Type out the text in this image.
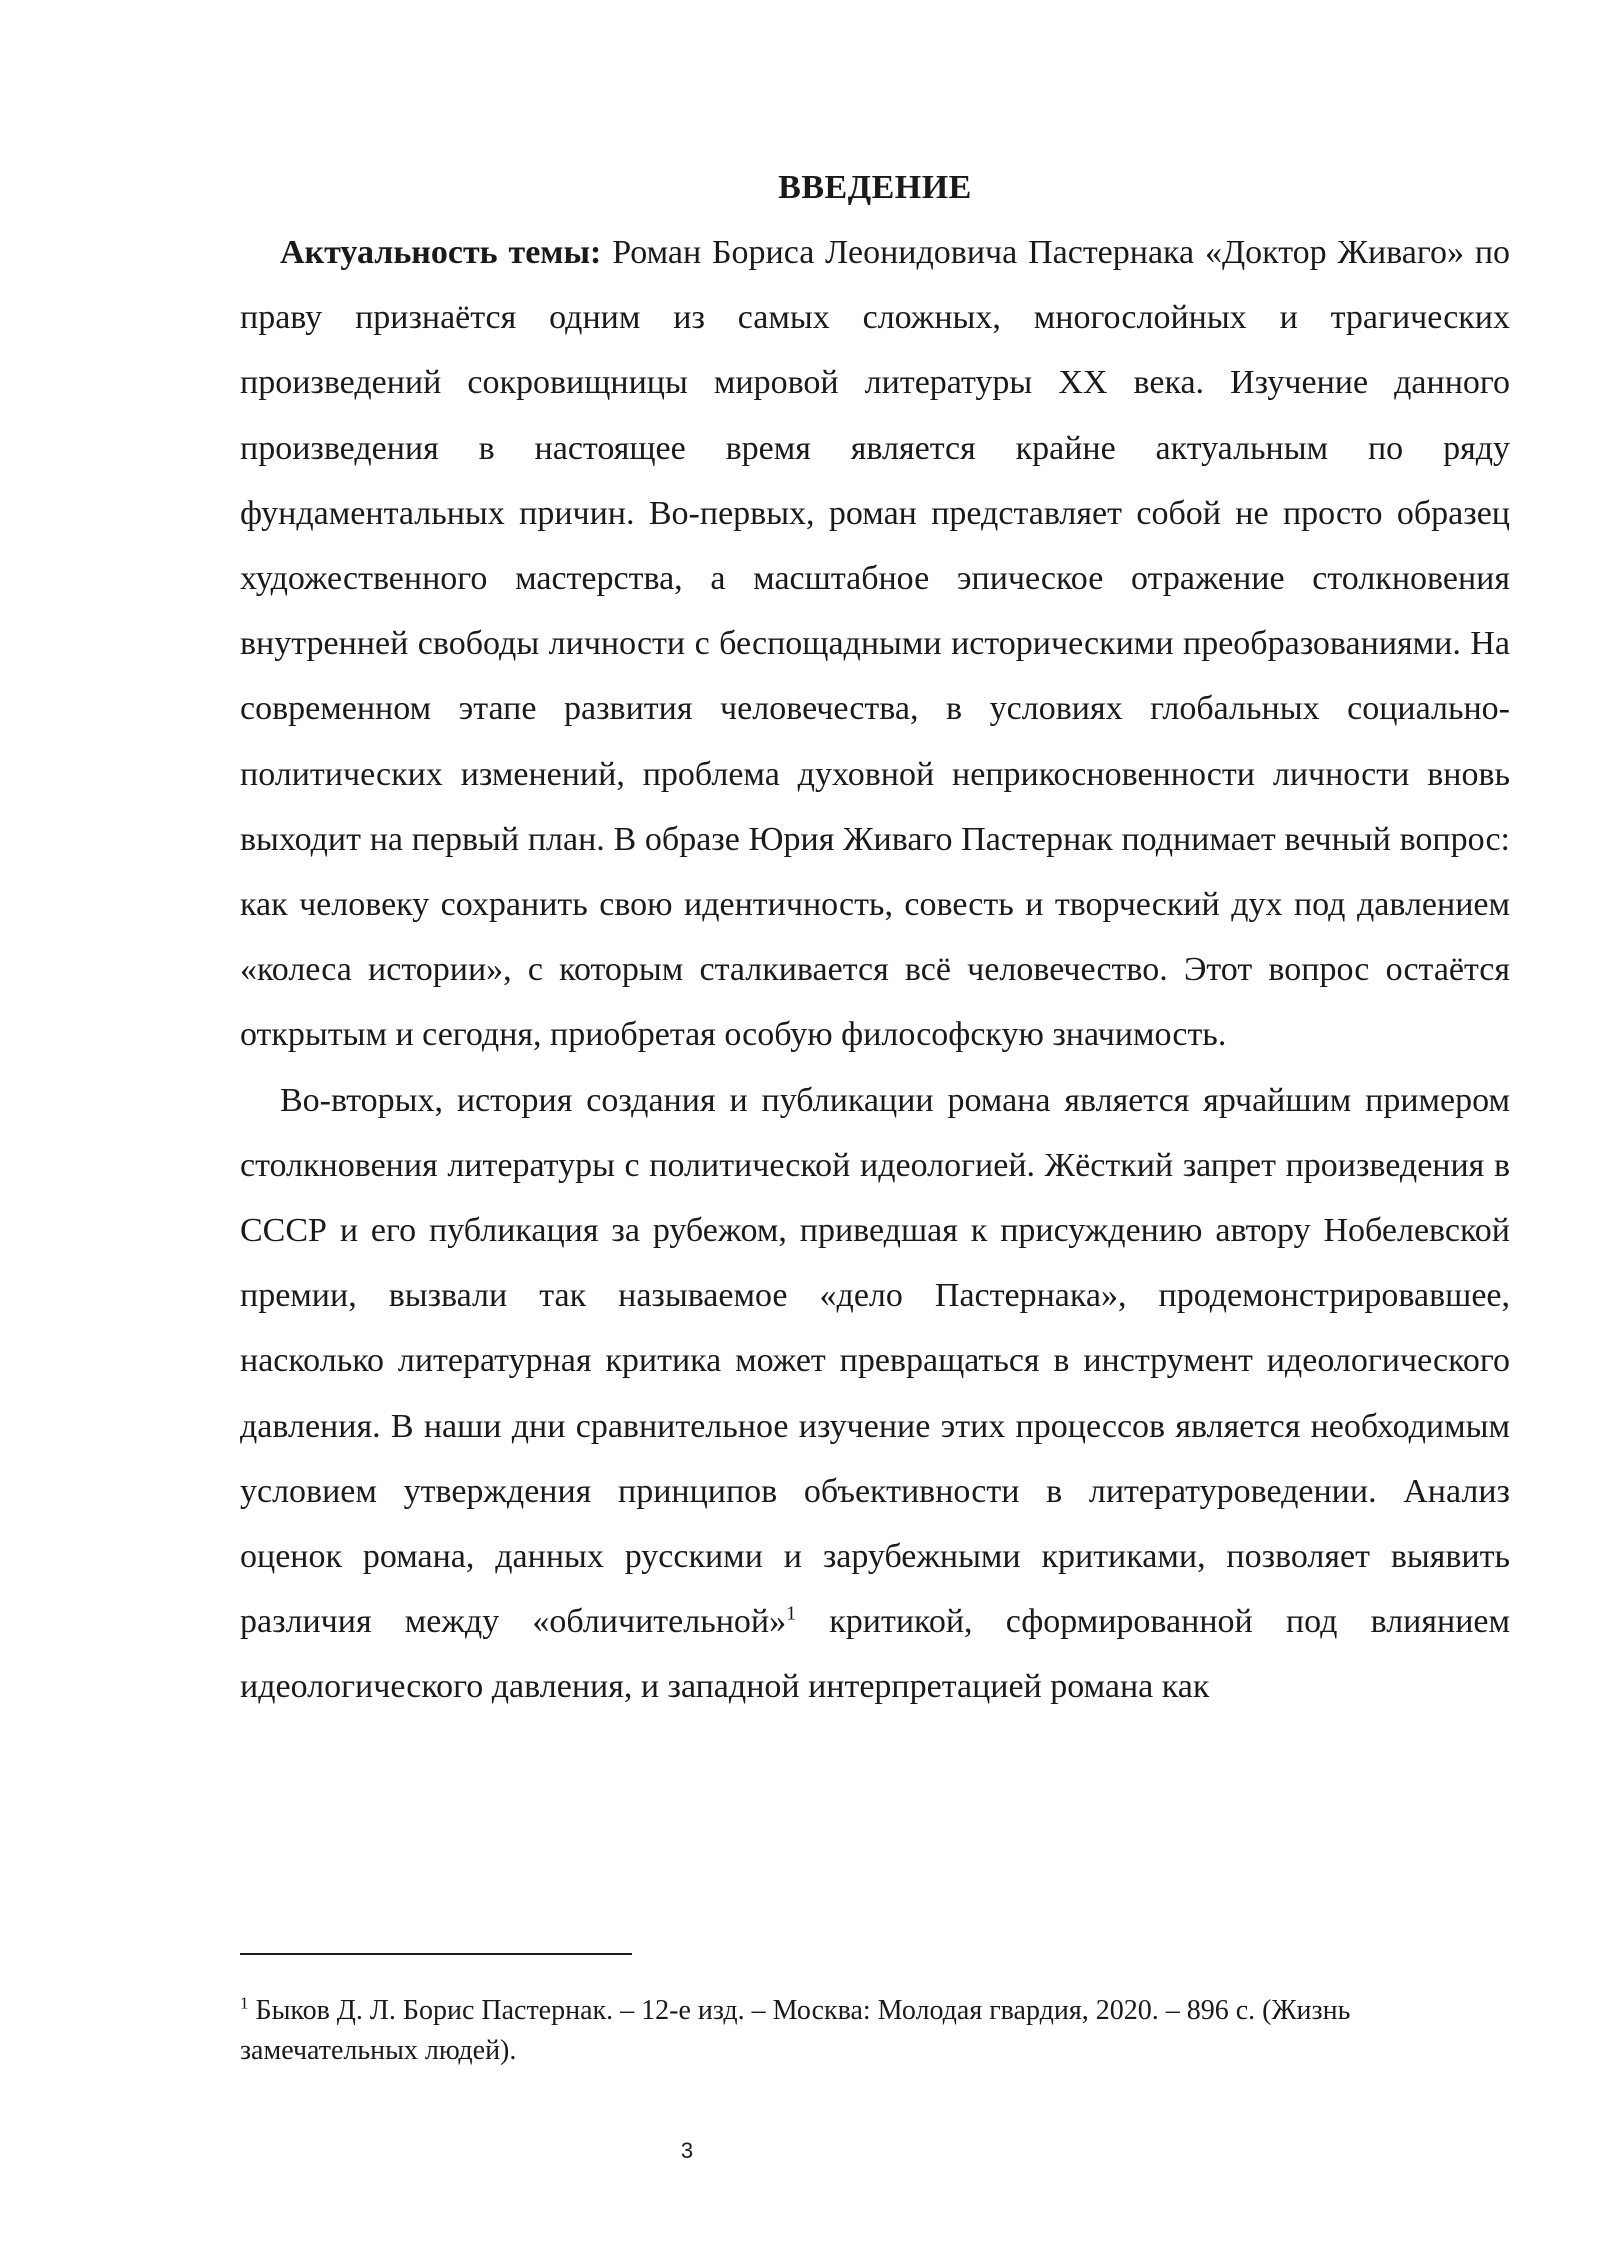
ВВЕДЕНИЕ

Актуальность темы: Роман Бориса Леонидовича Пастернака «Доктор Живаго» по праву признаётся одним из самых сложных, многослойных и трагических произведений сокровищницы мировой литературы XX века. Изучение данного произведения в настоящее время является крайне актуальным по ряду фундаментальных причин. Во-первых, роман представляет собой не просто образец художественного мастерства, а масштабное эпическое отражение столкновения внутренней свободы личности с беспощадными историческими преобразованиями. На современном этапе развития человечества, в условиях глобальных социально-политических изменений, проблема духовной неприкосновенности личности вновь выходит на первый план. В образе Юрия Живаго Пастернак поднимает вечный вопрос: как человеку сохранить свою идентичность, совесть и творческий дух под давлением «колеса истории», с которым сталкивается всё человечество. Этот вопрос остаётся открытым и сегодня, приобретая особую философскую значимость.

Во-вторых, история создания и публикации романа является ярчайшим примером столкновения литературы с политической идеологией. Жёсткий запрет произведения в СССР и его публикация за рубежом, приведшая к присуждению автору Нобелевской премии, вызвали так называемое «дело Пастернака», продемонстрировавшее, насколько литературная критика может превращаться в инструмент идеологического давления. В наши дни сравнительное изучение этих процессов является необходимым условием утверждения принципов объективности в литературоведении. Анализ оценок романа, данных русскими и зарубежными критиками, позволяет выявить различия между «обличительной»$^1$ критикой, сформированной под влиянием идеологического давления, и западной интерпретацией романа как

$^1$ Быков Д. Л. Борис Пастернак. – 12-е изд. – Москва: Молодая гвардия, 2020. – 896 с. (Жизнь замечательных людей).

3
